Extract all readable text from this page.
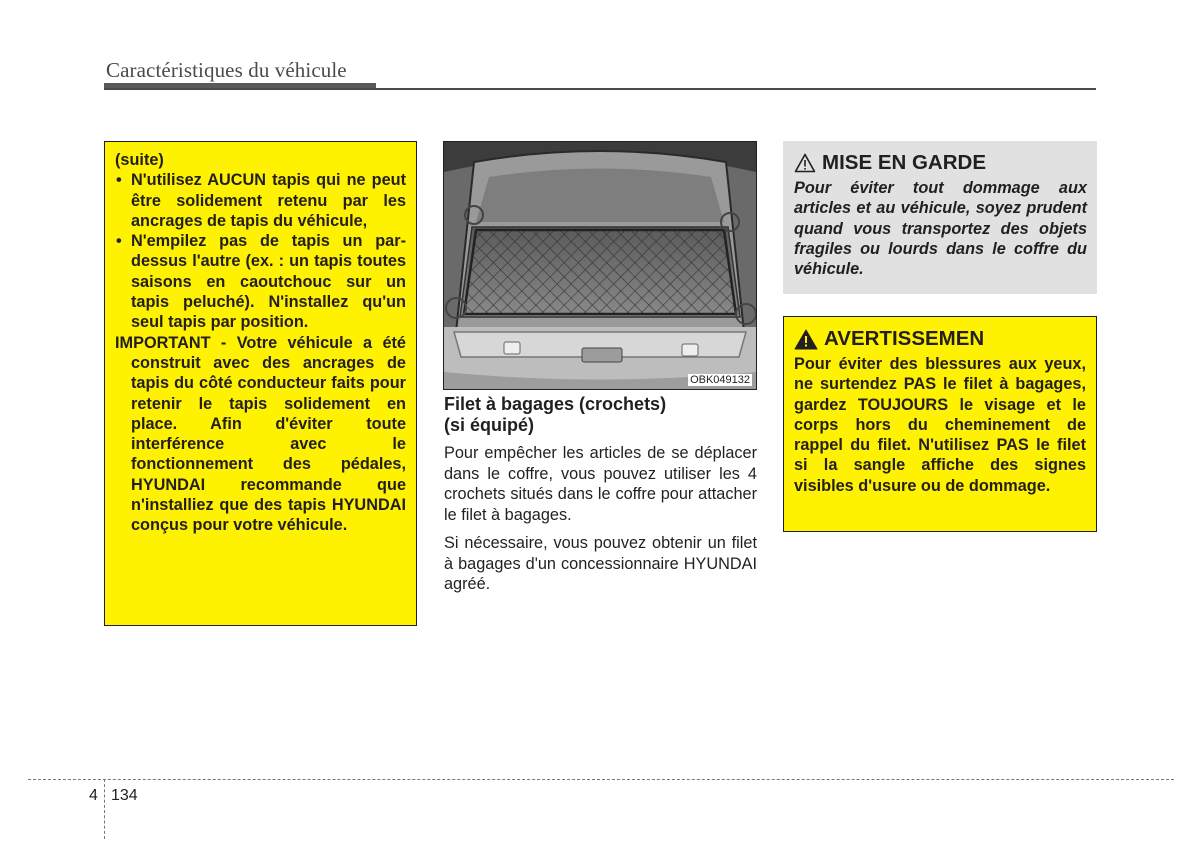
Caractéristiques du véhicule

(suite)

• N'utilisez AUCUN tapis qui ne peut être solidement retenu par les ancrages de tapis du véhicule,
• N'empilez pas de tapis un par-dessus l'autre (ex. : un tapis toutes saisons en caoutchouc sur un tapis peluché). N'installez qu'un seul tapis par position.

IMPORTANT - Votre véhicule a été construit avec des ancrages de tapis du côté conducteur faits pour retenir le tapis solidement en place. Afin d'éviter toute interférence avec le fonctionnement des pédales, HYUNDAI recommande que n'installiez que des tapis HYUNDAI conçus pour votre véhicule.

OBK049132
Filet à bagages (crochets)
(si équipé)

Pour empêcher les articles de se déplacer dans le coffre, vous pouvez utiliser les 4 crochets situés dans le coffre pour attacher le filet à bagages.

Si nécessaire, vous pouvez obtenir un filet à bagages d'un concessionnaire HYUNDAI agréé.

MISE EN GARDE

Pour éviter tout dommage aux articles et au véhicule, soyez prudent quand vous transportez des objets fragiles ou lourds dans le coffre du véhicule.

AVERTISSEMEN

Pour éviter des blessures aux yeux, ne surtendez PAS le filet à bagages, gardez TOUJOURS le visage et le corps hors du cheminement de rappel du filet. N'utilisez PAS le filet si la sangle affiche des signes visibles d'usure ou de dommage.

4 134
